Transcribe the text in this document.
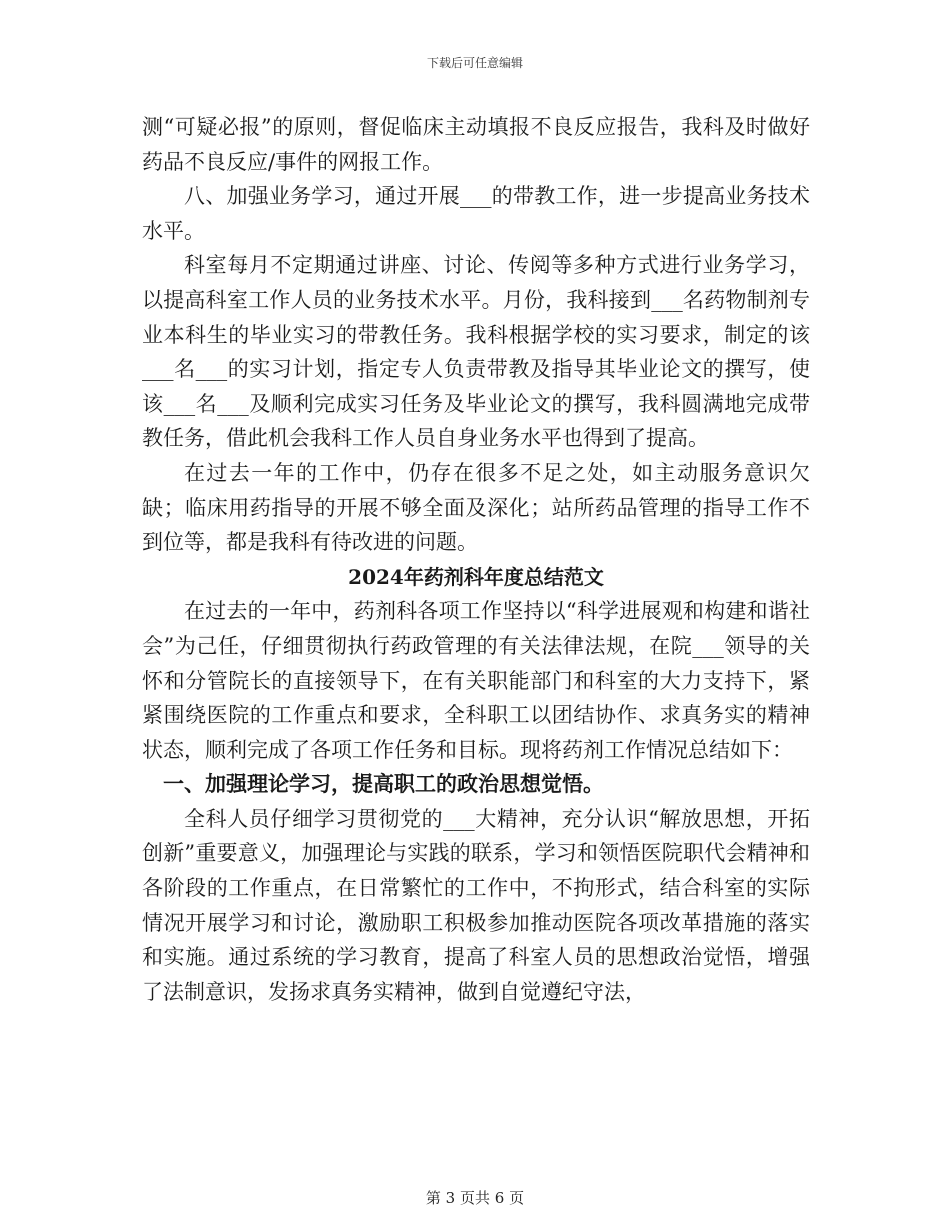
下载后可任意编辑

测“可疑必报”的原则，督促临床主动填报不良反应报告，我科及时做好药品不良反应/事件的网报工作。

八、加强业务学习，通过开展___的带教工作，进一步提高业务技术水平。

科室每月不定期通过讲座、讨论、传阅等多种方式进行业务学习，以提高科室工作人员的业务技术水平。月份，我科接到___名药物制剂专业本科生的毕业实习的带教任务。我科根据学校的实习要求，制定的该___名___的实习计划，指定专人负责带教及指导其毕业论文的撰写，使该___名___及顺利完成实习任务及毕业论文的撰写，我科圆满地完成带教任务，借此机会我科工作人员自身业务水平也得到了提高。

在过去一年的工作中，仍存在很多不足之处，如主动服务意识欠缺；临床用药指导的开展不够全面及深化；站所药品管理的指导工作不到位等，都是我科有待改进的问题。

2024年药剂科年度总结范文

在过去的一年中，药剂科各项工作坚持以“科学进展观和构建和谐社会”为己任，仔细贯彻执行药政管理的有关法律法规，在院___领导的关怀和分管院长的直接领导下，在有关职能部门和科室的大力支持下，紧紧围绕医院的工作重点和要求，全科职工以团结协作、求真务实的精神状态，顺利完成了各项工作任务和目标。现将药剂工作情况总结如下：

一、加强理论学习，提高职工的政治思想觉悟。

全科人员仔细学习贯彻党的___大精神，充分认识“解放思想，开拓创新”重要意义，加强理论与实践的联系，学习和领悟医院职代会精神和各阶段的工作重点，在日常繁忙的工作中，不拘形式，结合科室的实际情况开展学习和讨论，激励职工积极参加推动医院各项改革措施的落实和实施。通过系统的学习教育，提高了科室人员的思想政治觉悟，增强了法制意识，发扬求真务实精神，做到自觉遵纪守法，

第 3 页共 6 页
